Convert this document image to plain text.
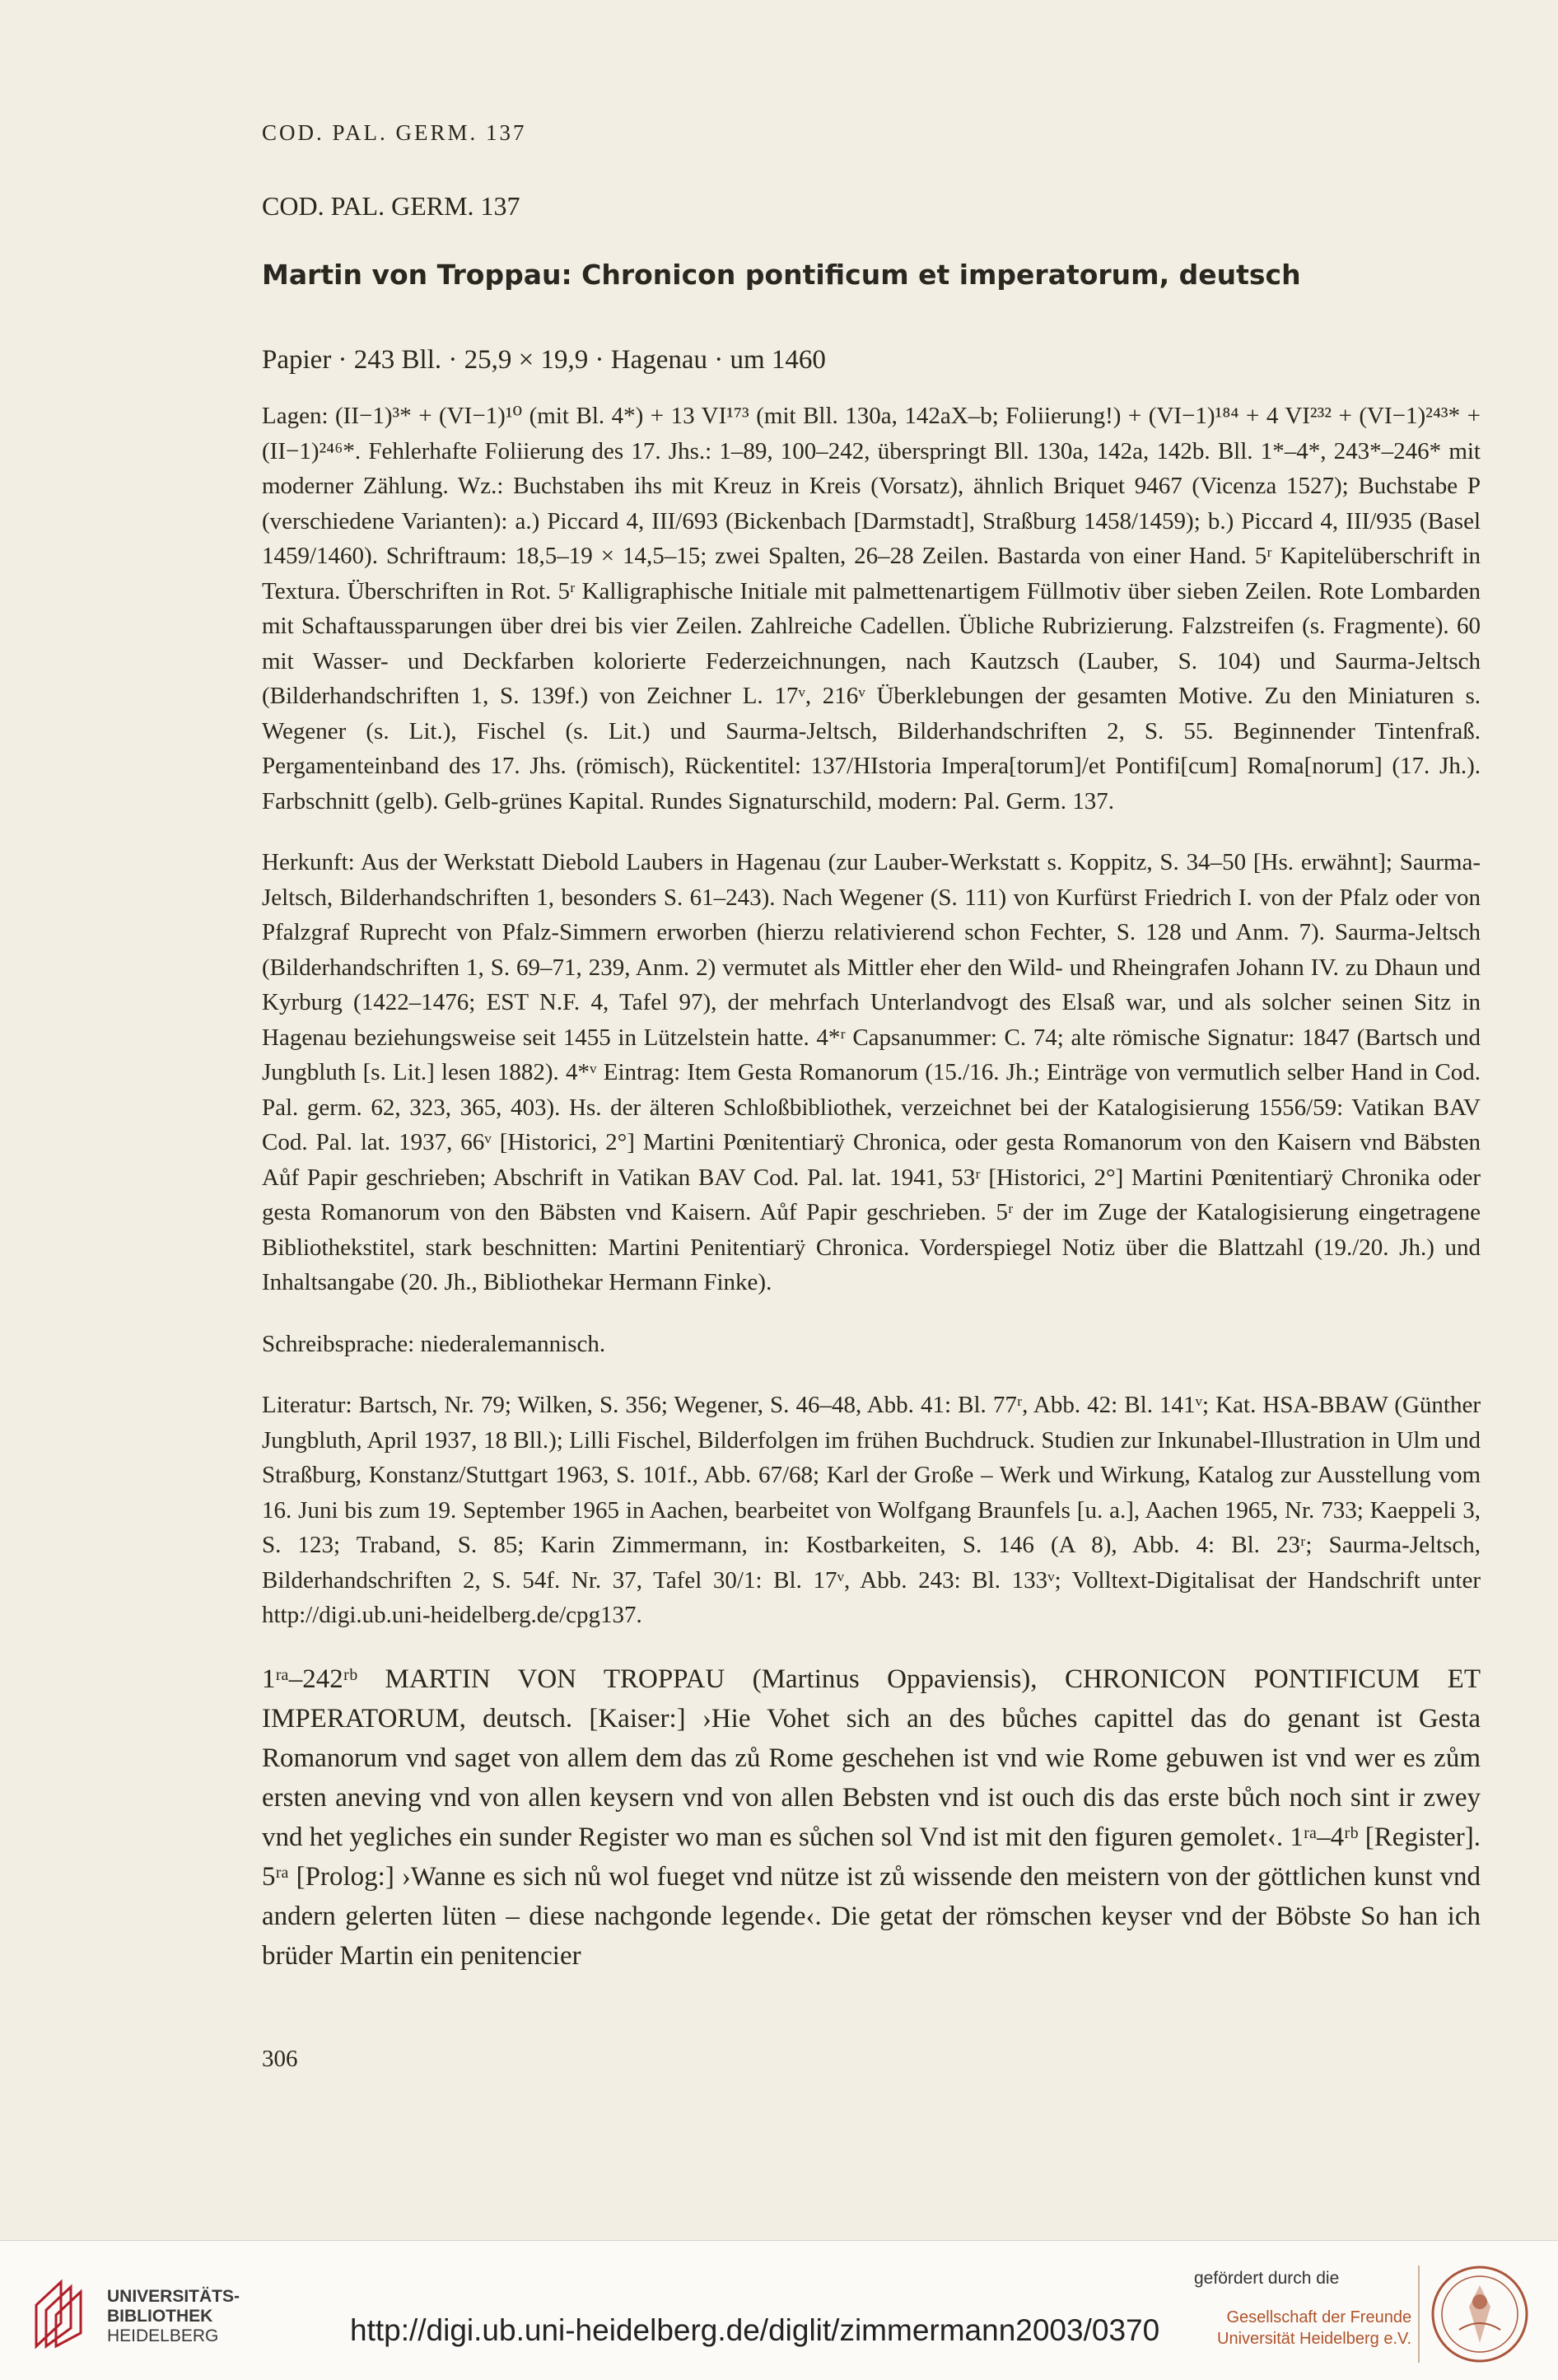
COD. PAL. GERM. 137
COD. PAL. GERM. 137
Martin von Troppau: Chronicon pontificum et imperatorum, deutsch
Papier · 243 Bll. · 25,9 × 19,9 · Hagenau · um 1460

Lagen: (II−1)³* + (VI−1)¹⁰ (mit Bl. 4*) + 13 VI¹⁷³ (mit Bll. 130a, 142aX–b; Foliierung!) + (VI−1)¹⁸⁴ + 4 VI²³² + (VI−1)²⁴³* + (II−1)²⁴⁶*. Fehlerhafte Foliierung des 17. Jhs.: 1–89, 100–242, überspringt Bll. 130a, 142a, 142b. Bll. 1*–4*, 243*–246* mit moderner Zählung. Wz.: Buchstaben ihs mit Kreuz in Kreis (Vorsatz), ähnlich Briquet 9467 (Vicenza 1527); Buchstabe P (verschiedene Varianten): a.) Piccard 4, III/693 (Bickenbach [Darmstadt], Straßburg 1458/1459); b.) Piccard 4, III/935 (Basel 1459/1460). Schriftraum: 18,5–19 × 14,5–15; zwei Spalten, 26–28 Zeilen. Bastarda von einer Hand. 5ʳ Kapitelüberschrift in Textura. Überschriften in Rot. 5ʳ Kalligraphische Initiale mit palmettenartigem Füllmotiv über sieben Zeilen. Rote Lombarden mit Schaftaussparungen über drei bis vier Zeilen. Zahlreiche Cadellen. Übliche Rubrizierung. Falzstreifen (s. Fragmente). 60 mit Wasser- und Deckfarben kolorierte Federzeichnungen, nach Kautzsch (Lauber, S. 104) und Saurma-Jeltsch (Bilderhandschriften 1, S. 139f.) von Zeichner L. 17ᵛ, 216ᵛ Überklebungen der gesamten Motive. Zu den Miniaturen s. Wegener (s. Lit.), Fischel (s. Lit.) und Saurma-Jeltsch, Bilderhandschriften 2, S. 55. Beginnender Tintenfraß. Pergamenteinband des 17. Jhs. (römisch), Rückentitel: 137/HIstoria Impera[torum]/et Pontifi[cum] Roma[norum] (17. Jh.). Farbschnitt (gelb). Gelb-grünes Kapital. Rundes Signaturschild, modern: Pal. Germ. 137.

Herkunft: Aus der Werkstatt Diebold Laubers in Hagenau (zur Lauber-Werkstatt s. Koppitz, S. 34–50 [Hs. erwähnt]; Saurma-Jeltsch, Bilderhandschriften 1, besonders S. 61–243). Nach Wegener (S. 111) von Kurfürst Friedrich I. von der Pfalz oder von Pfalzgraf Ruprecht von Pfalz-Simmern erworben (hierzu relativierend schon Fechter, S. 128 und Anm. 7). Saurma-Jeltsch (Bilderhandschriften 1, S. 69–71, 239, Anm. 2) vermutet als Mittler eher den Wild- und Rheingrafen Johann IV. zu Dhaun und Kyrburg (1422–1476; EST N.F. 4, Tafel 97), der mehrfach Unterlandvogt des Elsaß war, und als solcher seinen Sitz in Hagenau beziehungsweise seit 1455 in Lützelstein hatte. 4*ʳ Capsanummer: C. 74; alte römische Signatur: 1847 (Bartsch und Jungbluth [s. Lit.] lesen 1882). 4*ᵛ Eintrag: Item Gesta Romanorum (15./16. Jh.; Einträge von vermutlich selber Hand in Cod. Pal. germ. 62, 323, 365, 403). Hs. der älteren Schloßbibliothek, verzeichnet bei der Katalogisierung 1556/59: Vatikan BAV Cod. Pal. lat. 1937, 66ᵛ [Historici, 2°] Martini Pœnitentiarÿ Chronica, oder gesta Romanorum von den Kaisern vnd Bäbsten Aůf Papir geschrieben; Abschrift in Vatikan BAV Cod. Pal. lat. 1941, 53ʳ [Historici, 2°] Martini Pœnitentiarÿ Chronika oder gesta Romanorum von den Bäbsten vnd Kaisern. Aůf Papir geschrieben. 5ʳ der im Zuge der Katalogisierung eingetragene Bibliothekstitel, stark beschnitten: Martini Penitentiarÿ Chronica. Vorderspiegel Notiz über die Blattzahl (19./20. Jh.) und Inhaltsangabe (20. Jh., Bibliothekar Hermann Finke).

Schreibsprache: niederalemannisch.

Literatur: Bartsch, Nr. 79; Wilken, S. 356; Wegener, S. 46–48, Abb. 41: Bl. 77ʳ, Abb. 42: Bl. 141ᵛ; Kat. HSA-BBAW (Günther Jungbluth, April 1937, 18 Bll.); Lilli Fischel, Bilderfolgen im frühen Buchdruck. Studien zur Inkunabel-Illustration in Ulm und Straßburg, Konstanz/Stuttgart 1963, S. 101f., Abb. 67/68; Karl der Große – Werk und Wirkung, Katalog zur Ausstellung vom 16. Juni bis zum 19. September 1965 in Aachen, bearbeitet von Wolfgang Braunfels [u. a.], Aachen 1965, Nr. 733; Kaeppeli 3, S. 123; Traband, S. 85; Karin Zimmermann, in: Kostbarkeiten, S. 146 (A 8), Abb. 4: Bl. 23ʳ; Saurma-Jeltsch, Bilderhandschriften 2, S. 54f. Nr. 37, Tafel 30/1: Bl. 17ᵛ, Abb. 243: Bl. 133ᵛ; Volltext-Digitalisat der Handschrift unter http://digi.ub.uni-heidelberg.de/cpg137.

1ʳᵃ–242ʳᵇ MARTIN VON TROPPAU (Martinus Oppaviensis), CHRONICON PONTIFICUM ET IMPERATORUM, deutsch. [Kaiser:] ›Hie Vohet sich an des bůches capittel das do genant ist Gesta Romanorum vnd saget von allem dem das zů Rome geschehen ist vnd wie Rome gebuwen ist vnd wer es zům ersten aneving vnd von allen keysern vnd von allen Bebsten vnd ist ouch dis das erste bůch noch sint ir zwey vnd het yegliches ein sunder Register wo man es sůchen sol Vnd ist mit den figuren gemolet‹. 1ʳᵃ–4ʳᵇ [Register]. 5ʳᵃ [Prolog:] ›Wanne es sich nů wol fueget vnd nützе ist zů wissende den meistern von der göttlichen kunst vnd andern gelerten lüten – diese nachgonde legende‹. Die getat der römschen keyser vnd der Böbste So han ich brüder Martin ein penitencier

306
UNIVERSITÄTS-
BIBLIOTHEK
HEIDELBERG	http://digi.ub.uni-heidelberg.de/diglit/zimmermann2003/0370
gefördert durch die
Gesellschaft der Freunde
Universität Heidelberg e.V.
